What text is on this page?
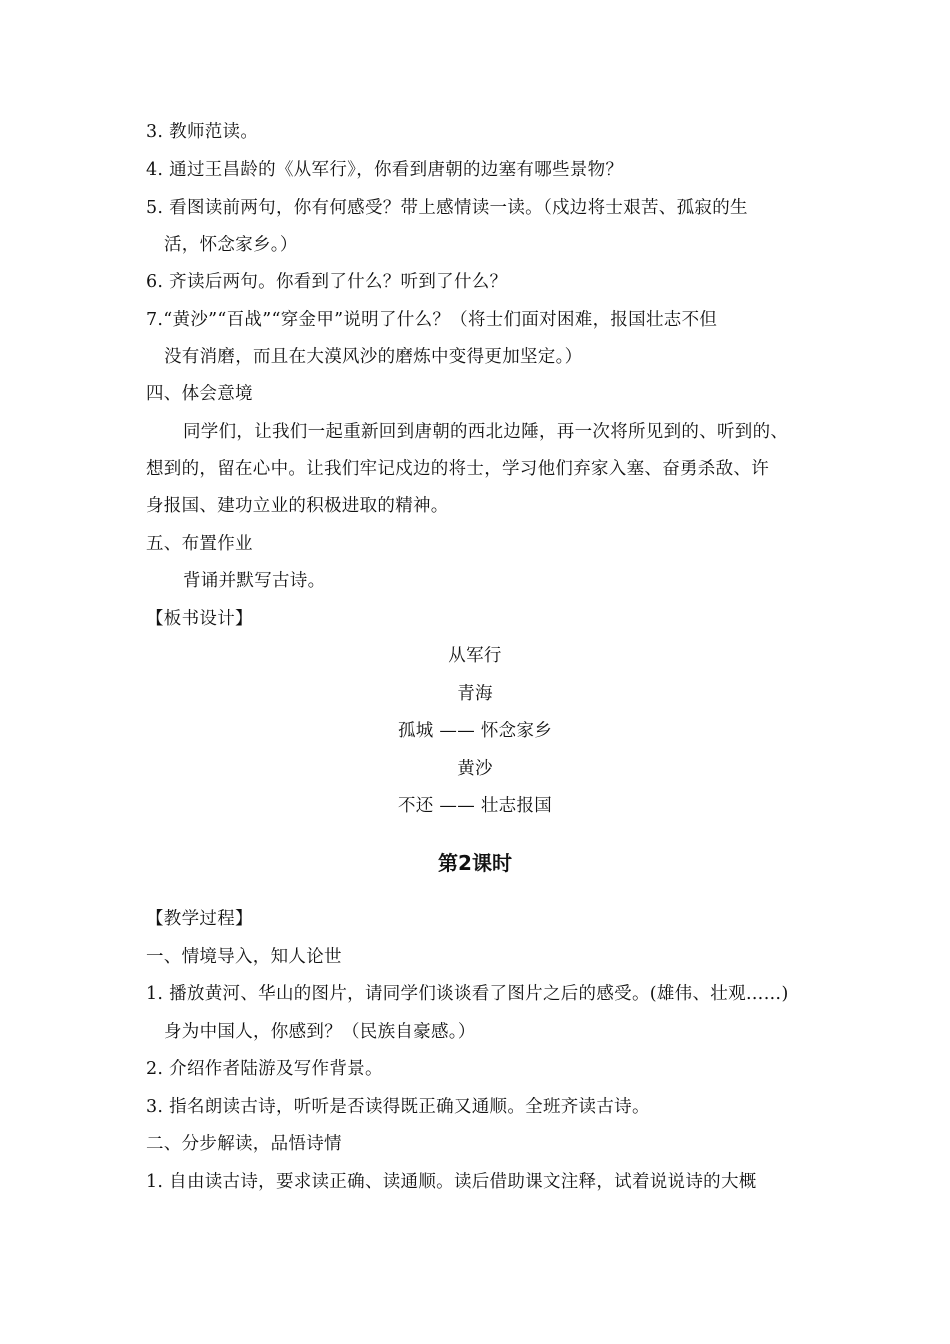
3. 教师范读。
4. 通过王昌龄的《从军行》，你看到唐朝的边塞有哪些景物？
5. 看图读前两句，你有何感受？带上感情读一读。（戍边将士艰苦、孤寂的生
活，怀念家乡。）
6. 齐读后两句。你看到了什么？听到了什么？
7.“黄沙”“百战”“穿金甲”说明了什么？（将士们面对困难，报国壮志不但
没有消磨，而且在大漠风沙的磨炼中变得更加坚定。）
四、体会意境
同学们，让我们一起重新回到唐朝的西北边陲，再一次将所见到的、听到的、
想到的，留在心中。让我们牢记戍边的将士，学习他们弃家入塞、奋勇杀敌、许
身报国、建功立业的积极进取的精神。
五、布置作业
背诵并默写古诗。
【板书设计】
从军行
青海
孤城 —— 怀念家乡
黄沙
不还 —— 壮志报国
第2课时
【教学过程】
一、情境导入，知人论世
1. 播放黄河、华山的图片，请同学们谈谈看了图片之后的感受。(雄伟、壮观……)
身为中国人，你感到？（民族自豪感。）
2. 介绍作者陆游及写作背景。
3. 指名朗读古诗，听听是否读得既正确又通顺。全班齐读古诗。
二、分步解读，品悟诗情
1. 自由读古诗，要求读正确、读通顺。读后借助课文注释，试着说说诗的大概
